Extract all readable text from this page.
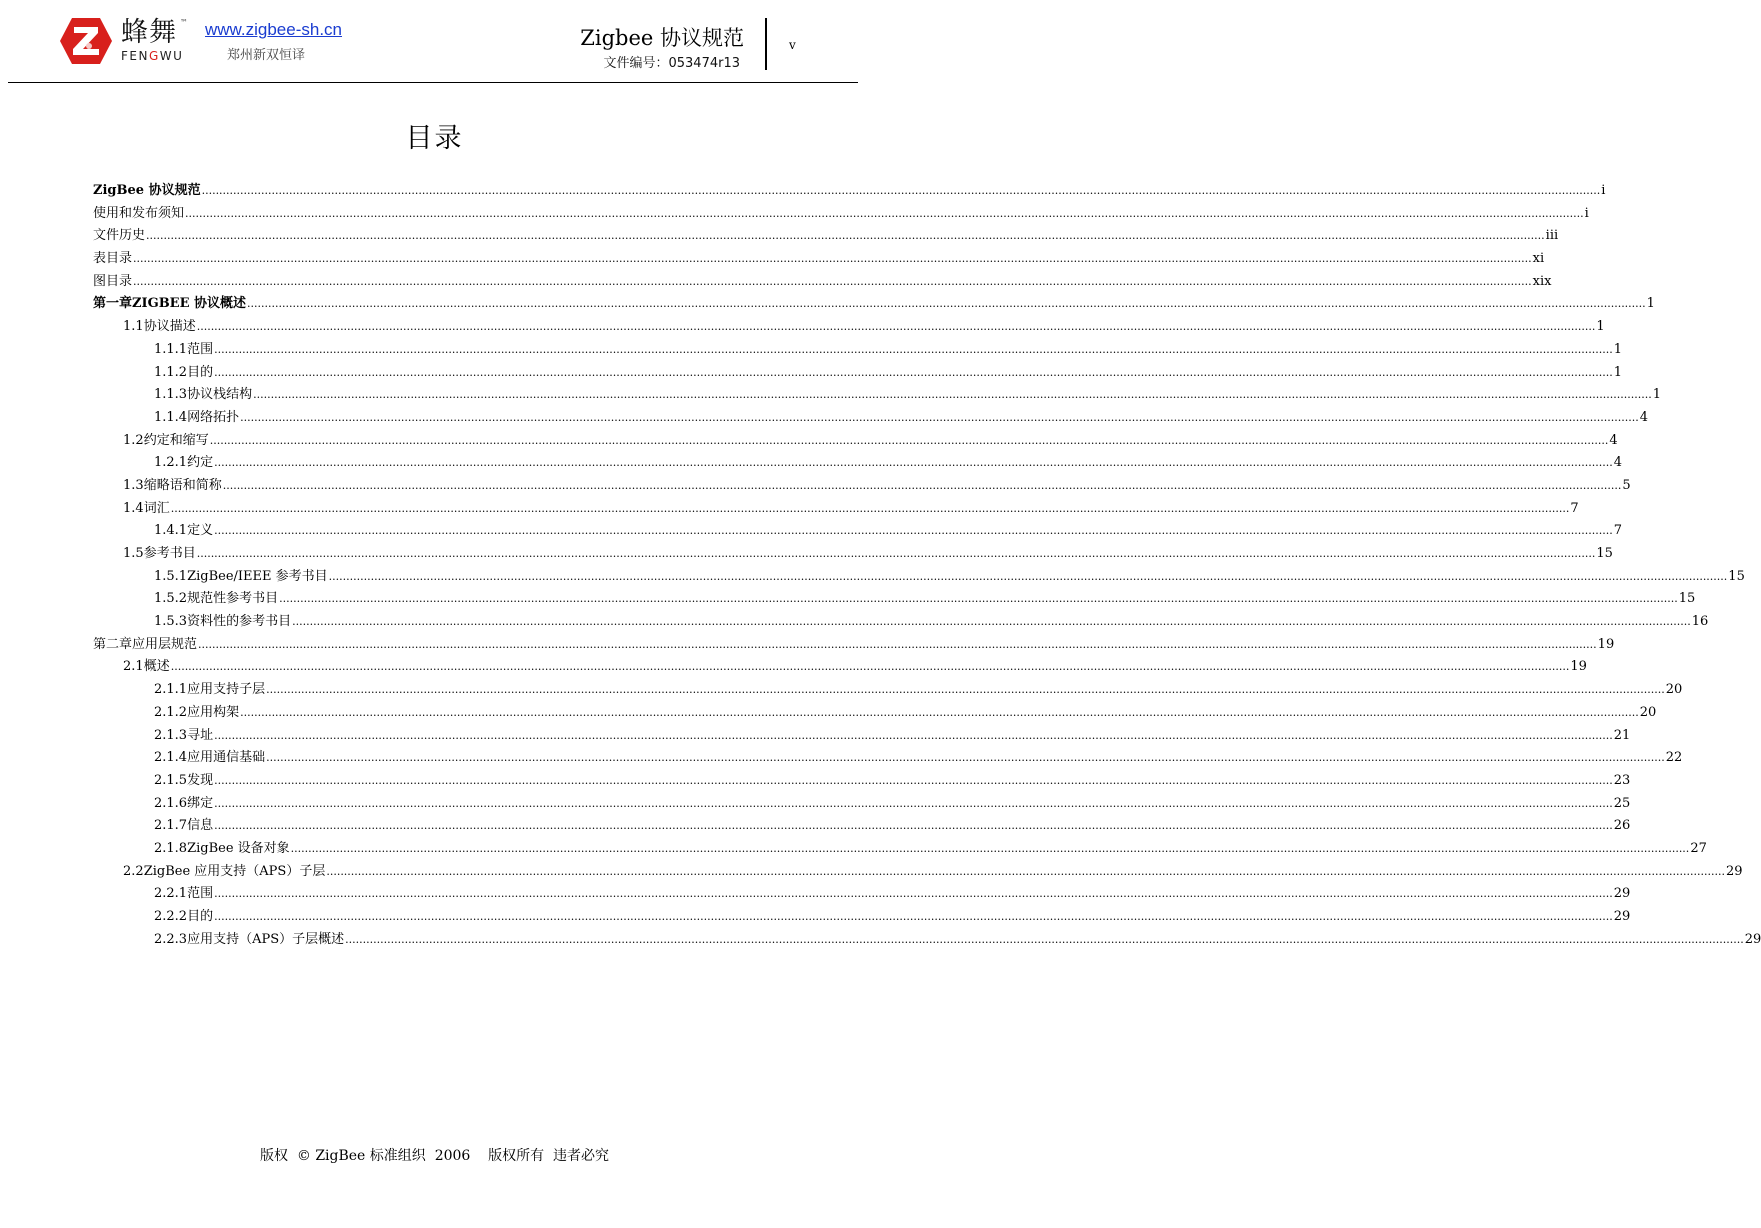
蜂舞 ™
FENGWU
www.zigbee-sh.cn
郑州新双恒译
Zigbee 协议规范
文件编号：053474r13
v
目录
ZigBee 协议规范 ................................................................................................................................................................................................................................................................................................................................................................................................................ i
使用和发布须知 ................................................................................................................................................................................................................................................................................................................................................................................................................ i
文件历史 ................................................................................................................................................................................................................................................................................................................................................................................................................ iii
表目录 ................................................................................................................................................................................................................................................................................................................................................................................................................ xi
图目录 ................................................................................................................................................................................................................................................................................................................................................................................................................ xix
第一章 ZIGBEE 协议概述 ................................................................................................................................................................................................................................................................................................................................................................................................................ 1
1.1 协议描述 ................................................................................................................................................................................................................................................................................................................................................................................................................ 1
1.1.1 范围 ................................................................................................................................................................................................................................................................................................................................................................................................................ 1
1.1.2 目的 ................................................................................................................................................................................................................................................................................................................................................................................................................ 1
1.1.3 协议栈结构 ................................................................................................................................................................................................................................................................................................................................................................................................................ 1
1.1.4 网络拓扑 ................................................................................................................................................................................................................................................................................................................................................................................................................ 4
1.2 约定和缩写 ................................................................................................................................................................................................................................................................................................................................................................................................................ 4
1.2.1 约定 ................................................................................................................................................................................................................................................................................................................................................................................................................ 4
1.3 缩略语和简称 ................................................................................................................................................................................................................................................................................................................................................................................................................ 5
1.4 词汇 ................................................................................................................................................................................................................................................................................................................................................................................................................ 7
1.4.1 定义 ................................................................................................................................................................................................................................................................................................................................................................................................................ 7
1.5 参考书目 ................................................................................................................................................................................................................................................................................................................................................................................................................ 15
1.5.1 ZigBee/IEEE 参考书目 ................................................................................................................................................................................................................................................................................................................................................................................................................ 15
1.5.2 规范性参考书目 ................................................................................................................................................................................................................................................................................................................................................................................................................ 15
1.5.3 资料性的参考书目 ................................................................................................................................................................................................................................................................................................................................................................................................................ 16
第二章 应用层规范 ................................................................................................................................................................................................................................................................................................................................................................................................................ 19
2.1 概述 ................................................................................................................................................................................................................................................................................................................................................................................................................ 19
2.1.1 应用支持子层 ................................................................................................................................................................................................................................................................................................................................................................................................................ 20
2.1.2 应用构架 ................................................................................................................................................................................................................................................................................................................................................................................................................ 20
2.1.3 寻址 ................................................................................................................................................................................................................................................................................................................................................................................................................ 21
2.1.4 应用通信基础 ................................................................................................................................................................................................................................................................................................................................................................................................................ 22
2.1.5 发现 ................................................................................................................................................................................................................................................................................................................................................................................................................ 23
2.1.6 绑定 ................................................................................................................................................................................................................................................................................................................................................................................................................ 25
2.1.7 信息 ................................................................................................................................................................................................................................................................................................................................................................................................................ 26
2.1.8 ZigBee 设备对象 ................................................................................................................................................................................................................................................................................................................................................................................................................ 27
2.2 ZigBee 应用支持（APS）子层 ................................................................................................................................................................................................................................................................................................................................................................................................................ 29
2.2.1 范围 ................................................................................................................................................................................................................................................................................................................................................................................................................ 29
2.2.2 目的 ................................................................................................................................................................................................................................................................................................................................................................................................................ 29
2.2.3 应用支持（APS）子层概述 ................................................................................................................................................................................................................................................................................................................................................................................................................ 29
版权  © ZigBee 标准组织  2006    版权所有  违者必究
